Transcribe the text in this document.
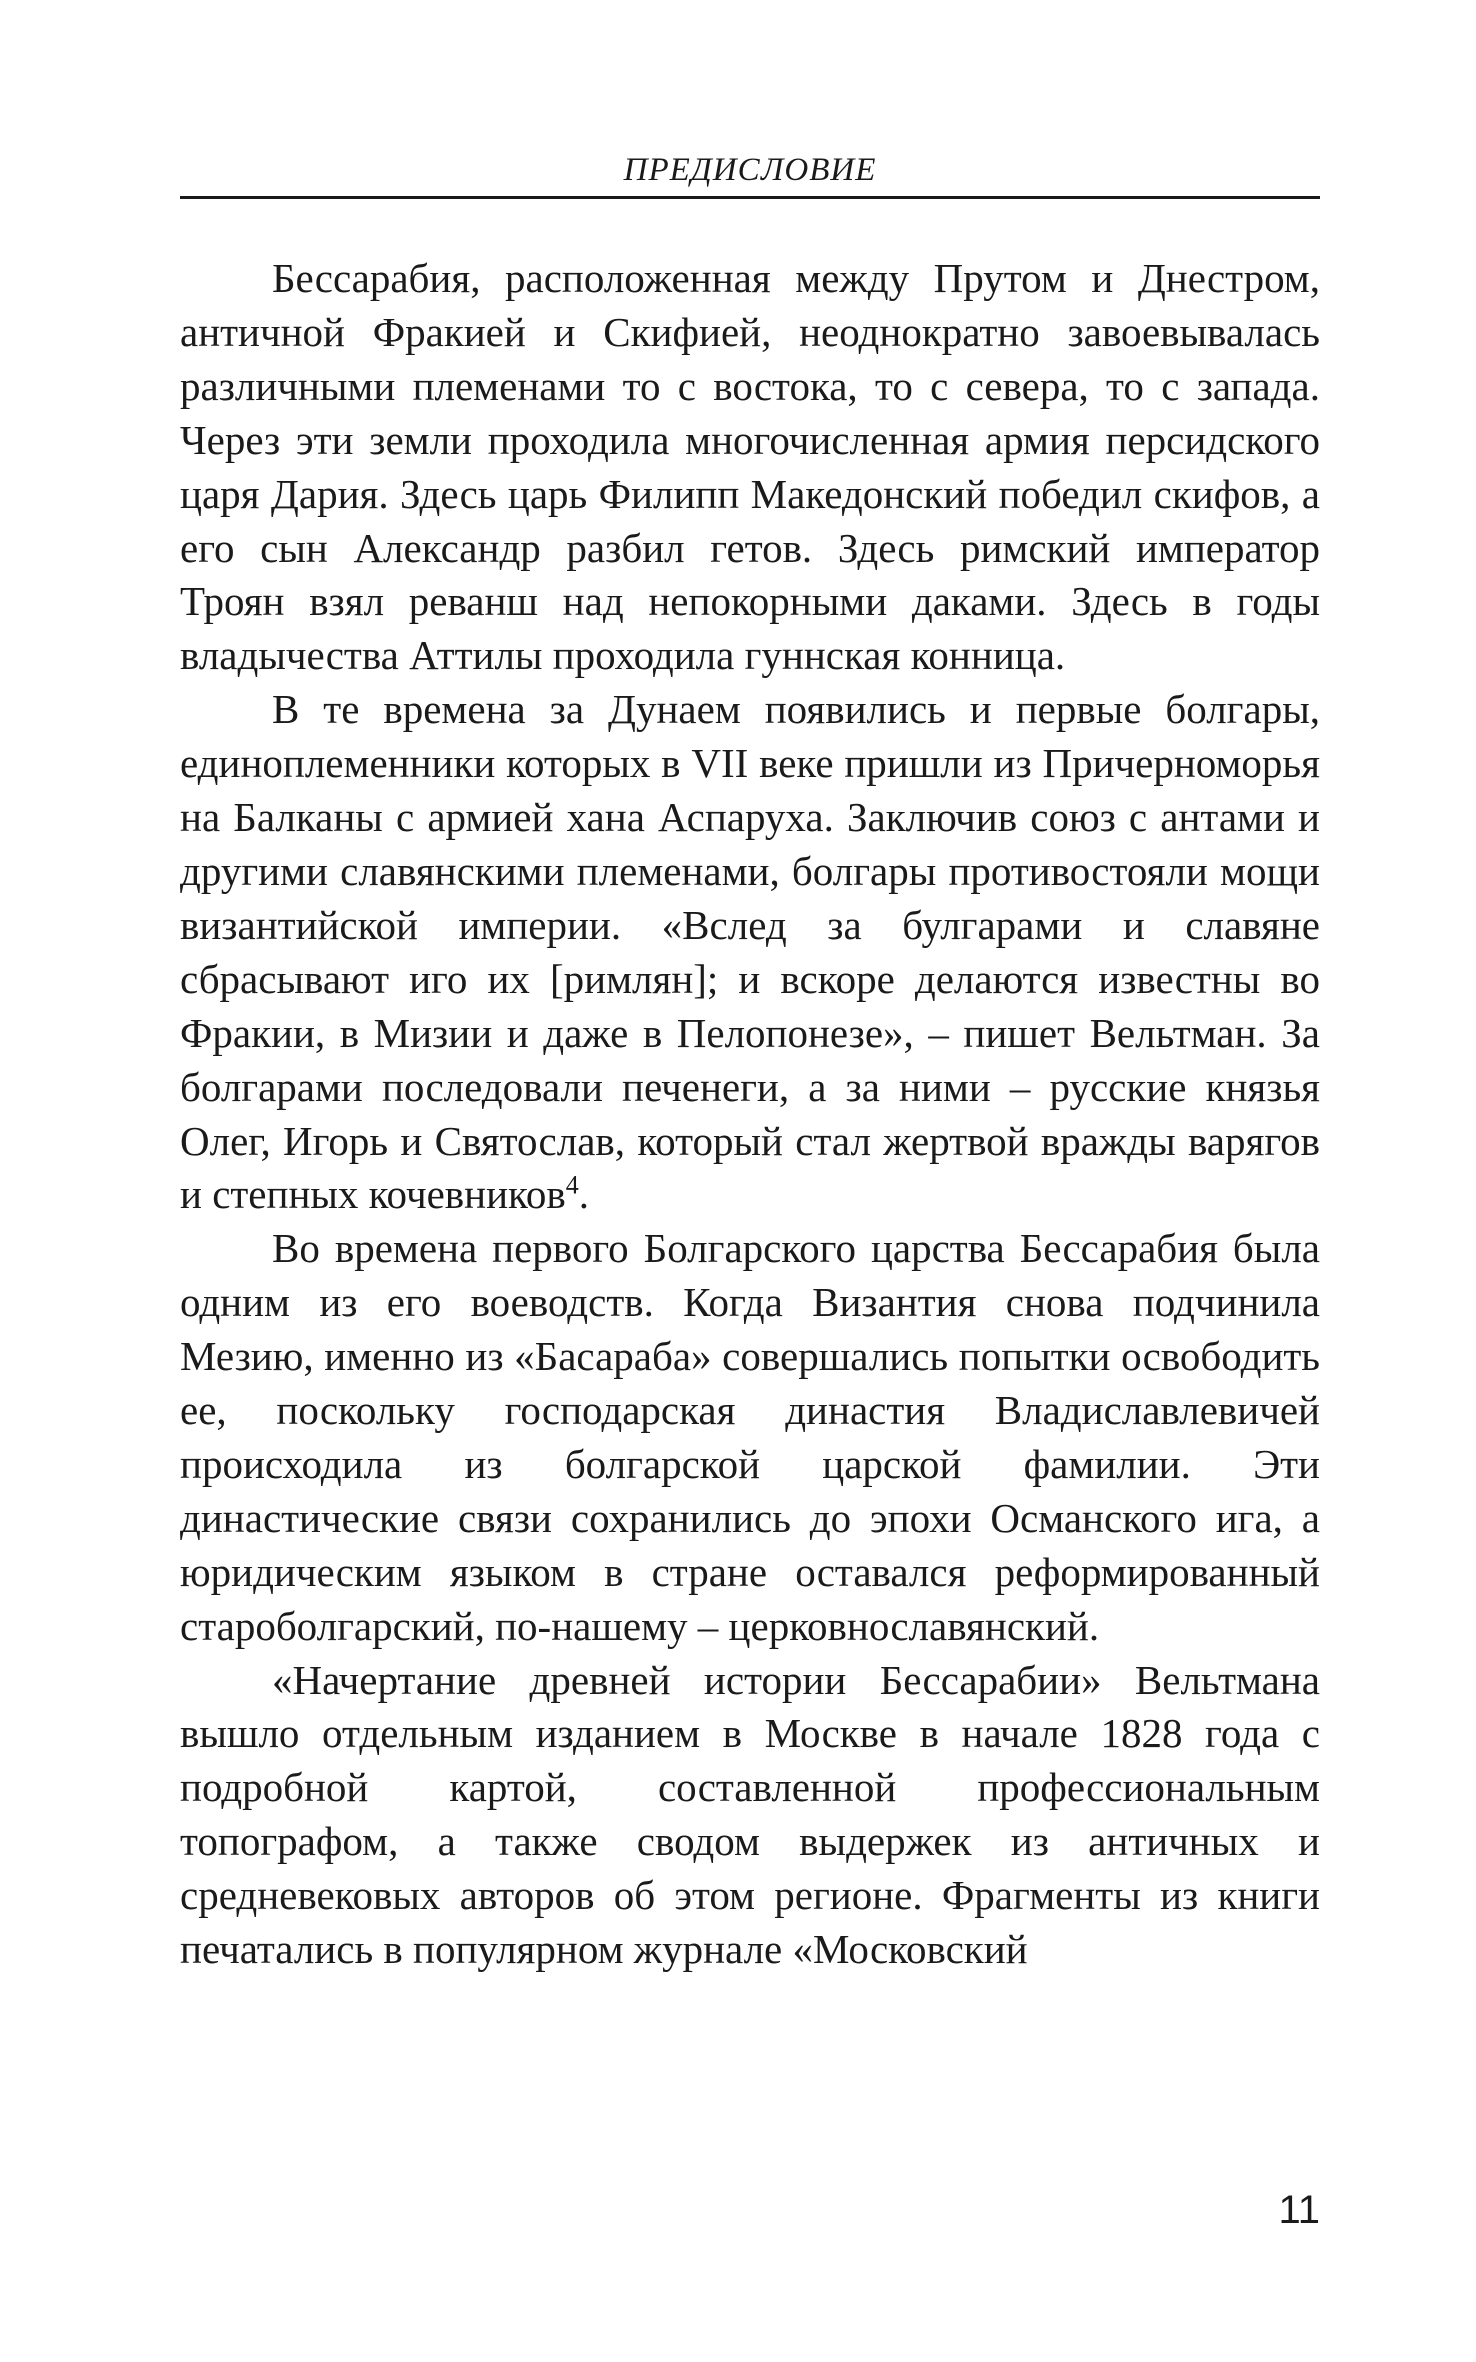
ПРЕДИСЛОВИЕ

Бессарабия, расположенная между Прутом и Днестром, античной Фракией и Скифией, неоднократно завоевывалась различными племенами то с востока, то с севера, то с запада. Через эти земли проходила многочисленная армия персидского царя Дария. Здесь царь Филипп Македонский победил скифов, а его сын Александр разбил гетов. Здесь римский император Троян взял реванш над непокорными даками. Здесь в годы владычества Аттилы проходила гуннская конница.

В те времена за Дунаем появились и первые болгары, единоплеменники которых в VII веке пришли из Причерноморья на Балканы с армией хана Аспаруха. Заключив союз с антами и другими славянскими племенами, болгары противостояли мощи византийской империи. «Вслед за булгарами и славяне сбрасывают иго их [римлян]; и вскоре делаются известны во Фракии, в Мизии и даже в Пелопонезе», – пишет Вельтман. За болгарами последовали печенеги, а за ними – русские князья Олег, Игорь и Святослав, который стал жертвой вражды варягов и степных кочевников$^4$.

Во времена первого Болгарского царства Бессарабия была одним из его воеводств. Когда Византия снова подчинила Мезию, именно из «Басараба» совершались попытки освободить ее, поскольку господарская династия Владиславлевичей происходила из болгарской царской фамилии. Эти династические связи сохранились до эпохи Османского ига, а юридическим языком в стране оставался реформированный староболгарский, по-нашему – церковнославянский.

«Начертание древней истории Бессарабии» Вельтмана вышло отдельным изданием в Москве в начале 1828 года с подробной картой, составленной профессиональным топографом, а также сводом выдержек из античных и средневековых авторов об этом регионе. Фрагменты из книги печатались в популярном журнале «Московский

11
